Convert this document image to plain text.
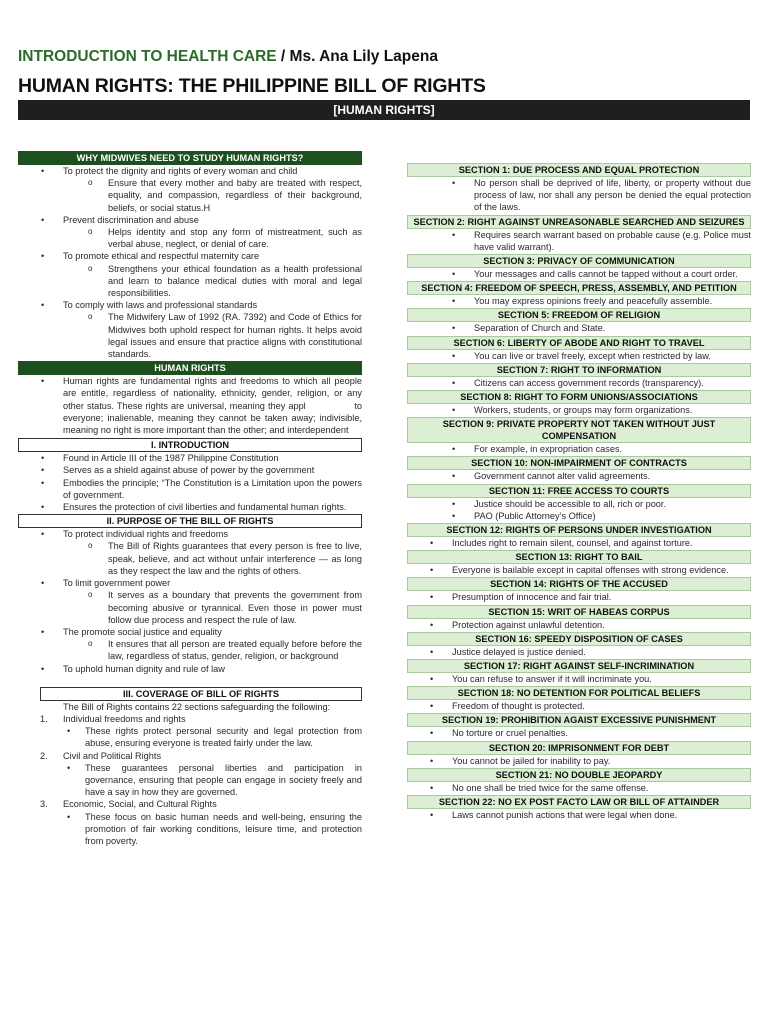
INTRODUCTION TO HEALTH CARE / Ms. Ana Lily Lapena
HUMAN RIGHTS: THE PHILIPPINE BILL OF RIGHTS
[HUMAN RIGHTS]
WHY MIDWIVES NEED TO STUDY HUMAN RIGHTS?
• To protect the dignity and rights of every woman and child
o Ensure that every mother and baby are treated with respect, equality, and compassion, regardless of their background, beliefs, or social status.H
• Prevent discrimination and abuse
o Helps identity and stop any form of mistreatment, such as verbal abuse, neglect, or denial of care.
• To promote ethical and respectful maternity care
o Strengthens your ethical foundation as a health professional and learn to balance medical duties with moral and legal responsibilities.
• To comply with laws and professional standards
o The Midwifery Law of 1992 (RA. 7392) and Code of Ethics for Midwives both uphold respect for human rights. It helps avoid legal issues and ensure that practice aligns with constitutional standards.
HUMAN RIGHTS
• Human rights are fundamental rights and freedoms to which all people are entitle, regardless of nationality, ethnicity, gender, religion, or any other status. These rights are universal, meaning they appl                to everyone; inalienable, meaning they cannot be taken away; indivisible, meaning no right is more important than the other; and interdependent
I. INTRODUCTION
• Found in Article III of the 1987 Philippine Constitution
• Serves as a shield against abuse of power by the government
• Embodies the principle; “The Constitution is a Limitation upon the powers of government.
• Ensures the protection of civil liberties and fundamental human rights.
II. PURPOSE OF THE BILL OF RIGHTS
• To protect individual rights and freedoms
o The Bill of Rights guarantees that every person is free to live, speak, believe, and act without unfair interference — as long as they respect the law and the rights of others.
• To limit government power
o It serves as a boundary that prevents the government from becoming abusive or tyrannical. Even those in power must follow due process and respect the rule of law.
• The promote social justice and equality
o It ensures that all person are treated equally before before the law, regardless of status, gender, religion, or background
• To uphold human dignity and rule of law
III. COVERAGE OF BILL OF RIGHTS

The Bill of Rights contains 22 sections safeguarding the following:

1. Individual freedoms and rights
• These rights protect personal security and legal protection from abuse, ensuring everyone is treated fairly under the law.
2. Civil and Political Rights
• These guarantees personal liberties and participation in governance, ensuring that people can engage in society freely and have a say in how they are governed.
3. Economic, Social, and Cultural Rights
• These focus on basic human needs and well-being, ensuring the promotion of fair working conditions, leisure time, and protection from poverty.
SECTION 1: DUE PROCESS AND EQUAL PROTECTION
• No person shall be deprived of life, liberty, or property without due process of law, nor shall any person be denied the equal protection of the laws.
SECTION 2: RIGHT AGAINST UNREASONABLE SEARCHED AND SEIZURES
• Requires search warrant based on probable cause (e.g. Police must have valid warrant).
SECTION 3: PRIVACY OF COMMUNICATION
• Your messages and calls cannot be tapped without a court order.
SECTION 4: FREEDOM OF SPEECH, PRESS, ASSEMBLY, AND PETITION
• You may express opinions freely and peacefully assemble.
SECTION 5: FREEDOM OF RELIGION
• Separation of Church and State.
SECTION 6: LIBERTY OF ABODE AND RIGHT TO TRAVEL
• You can live or travel freely, except when restricted by law.
SECTION 7: RIGHT TO INFORMATION
• Citizens can access government records (transparency).
SECTION 8: RIGHT TO FORM UNIONS/ASSOCIATIONS
• Workers, students, or groups may form organizations.
SECTION 9: PRIVATE PROPERTY NOT TAKEN WITHOUT JUST COMPENSATION
• For example, in expropriation cases.
SECTION 10: NON-IMPAIRMENT OF CONTRACTS
• Government cannot alter valid agreements.
SECTION 11: FREE ACCESS TO COURTS
• Justice should be accessible to all, rich or poor.
• PAO (Public Attorney’s Office)
SECTION 12: RIGHTS OF PERSONS UNDER INVESTIGATION
• Includes right to remain silent, counsel, and against torture.
SECTION 13: RIGHT TO BAIL
• Everyone is bailable except in capital offenses with strong evidence.
SECTION 14: RIGHTS OF THE ACCUSED
• Presumption of innocence and fair trial.
SECTION 15: WRIT OF HABEAS CORPUS
• Protection against unlawful detention.
SECTION 16: SPEEDY DISPOSITION OF CASES
• Justice delayed is justice denied.
SECTION 17: RIGHT AGAINST SELF-INCRIMINATION
• You can refuse to answer if it will incriminate you.
SECTION 18: NO DETENTION FOR POLITICAL BELIEFS
• Freedom of thought is protected.
SECTION 19: PROHIBITION AGAIST EXCESSIVE PUNISHMENT
• No torture or cruel penalties.
SECTION 20: IMPRISONMENT FOR DEBT
• You cannot be jailed for inability to pay.
SECTION 21: NO DOUBLE JEOPARDY
• No one shall be tried twice for the same offense.
SECTION 22: NO EX POST FACTO LAW OR BILL OF ATTAINDER
• Laws cannot punish actions that were legal when done.
